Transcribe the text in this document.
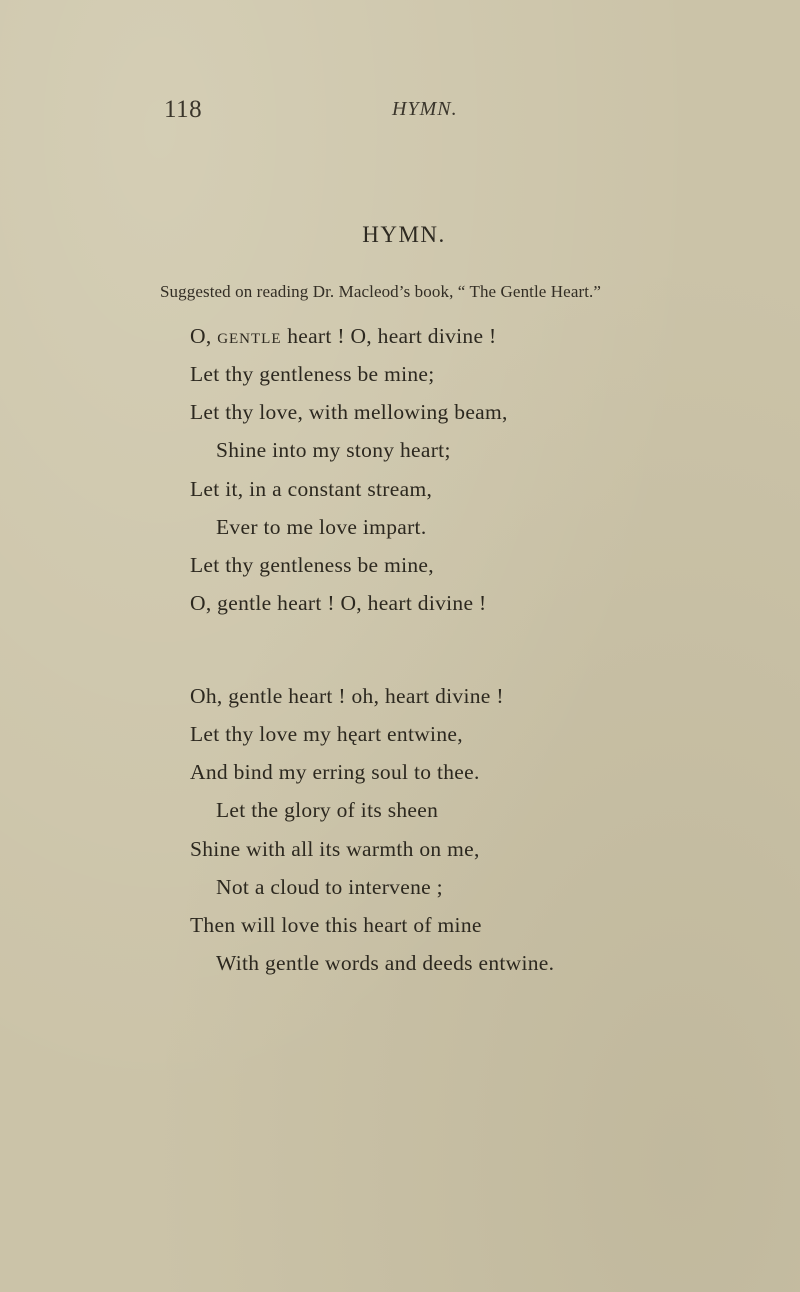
118	HYMN.
HYMN.
Suggested on reading Dr. Macleod’s book, “ The Gentle Heart.”
O, gentle heart ! O, heart divine !
Let thy gentleness be mine;
Let thy love, with mellowing beam,
Shine into my stony heart;
Let it, in a constant stream,
Ever to me love impart.
Let thy gentleness be mine,
O, gentle heart ! O, heart divine !
Oh, gentle heart ! oh, heart divine !
Let thy love my hęart entwine,
And bind my erring soul to thee.
Let the glory of its sheen
Shine with all its warmth on me,
Not a cloud to intervene ;
Then will love this heart of mine
With gentle words and deeds entwine.
